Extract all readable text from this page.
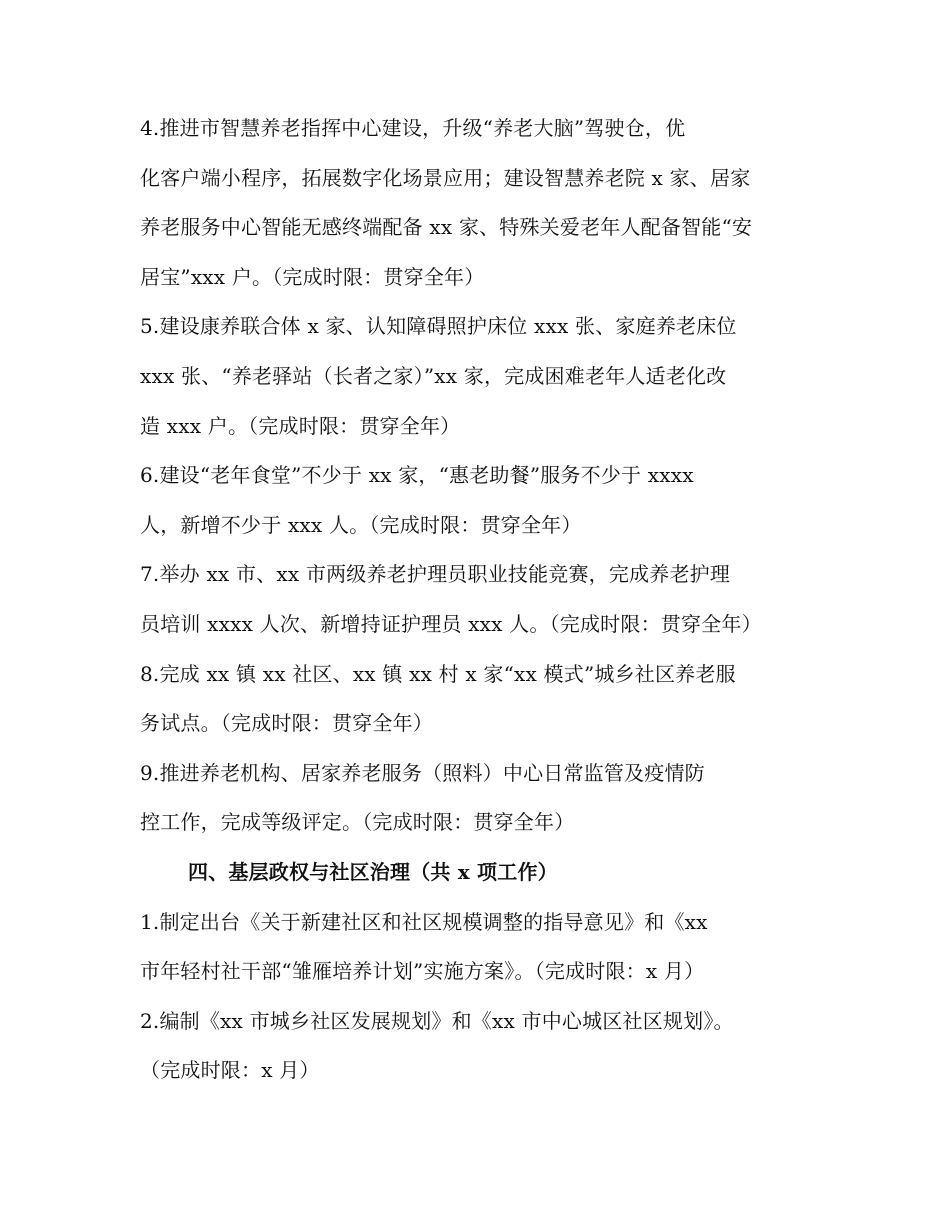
4.推进市智慧养老指挥中心建设，升级“养老大脑”驾驶仓，优
化客户端小程序，拓展数字化场景应用；建设智慧养老院 x 家、居家
养老服务中心智能无感终端配备 xx 家、特殊关爱老年人配备智能“安
居宝”xxx 户。（完成时限：贯穿全年）
5.建设康养联合体 x 家、认知障碍照护床位 xxx 张、家庭养老床位
xxx 张、“养老驿站（长者之家）”xx 家，完成困难老年人适老化改
造 xxx 户。（完成时限：贯穿全年）
6.建设“老年食堂”不少于 xx 家，“惠老助餐”服务不少于 xxxx
人，新增不少于 xxx 人。（完成时限：贯穿全年）
7.举办 xx 市、xx 市两级养老护理员职业技能竞赛，完成养老护理
员培训 xxxx 人次、新增持证护理员 xxx 人。（完成时限：贯穿全年）
8.完成 xx 镇 xx 社区、xx 镇 xx 村 x 家“xx 模式”城乡社区养老服
务试点。（完成时限：贯穿全年）
9.推进养老机构、居家养老服务（照料）中心日常监管及疫情防
控工作，完成等级评定。（完成时限：贯穿全年）
四、基层政权与社区治理（共 x 项工作）
1.制定出台《关于新建社区和社区规模调整的指导意见》和《xx
市年轻村社干部“雏雁培养计划”实施方案》。（完成时限：x 月）
2.编制《xx 市城乡社区发展规划》和《xx 市中心城区社区规划》。
（完成时限：x 月）
